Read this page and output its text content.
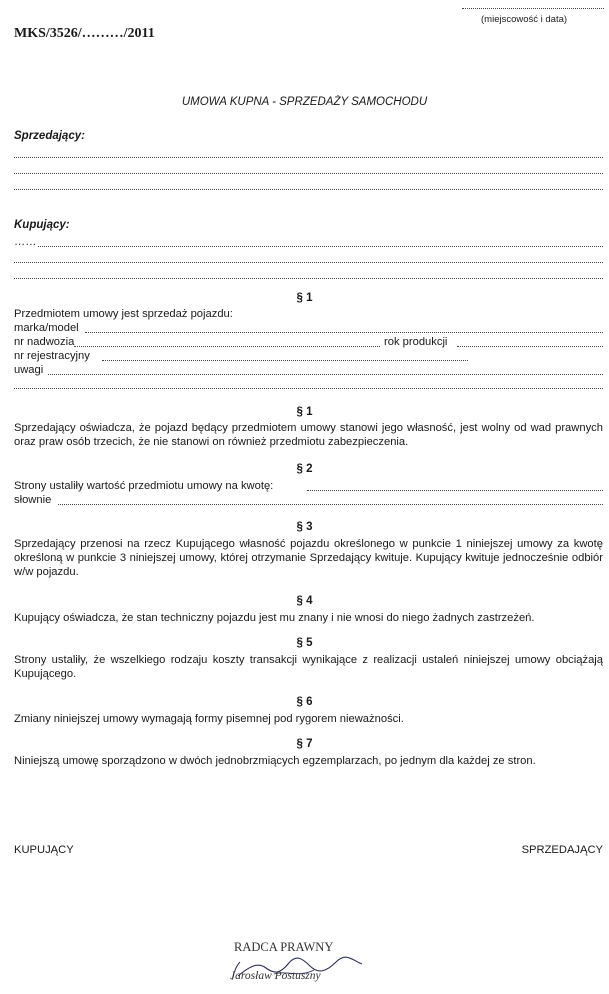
(miejscowość i data)
MKS/3526/………/2011
UMOWA KUPNA - SPRZEDAŻY SAMOCHODU
Sprzedający:
Kupujący:
……
§ 1
Przedmiotem umowy jest sprzedaż pojazdu:
marka/model
nr nadwozia	rok produkcji
nr rejestracyjny
uwagi
§ 1
Sprzedający oświadcza, że pojazd będący przedmiotem umowy stanowi jego własność, jest wolny od wad prawnych oraz praw osób trzecich, że nie stanowi on również przedmiotu zabezpieczenia.
§ 2
Strony ustaliły wartość przedmiotu umowy na kwotę:
słownie
§ 3
Sprzedający przenosi na rzecz Kupującego własność pojazdu określonego w punkcie 1 niniejszej umowy za kwotę określoną w punkcie 3 niniejszej umowy, której otrzymanie Sprzedający kwituje. Kupujący kwituje jednocześnie odbiór w/w pojazdu.
§ 4
Kupujący oświadcza, że stan techniczny pojazdu jest mu znany i nie wnosi do niego żadnych zastrzeżeń.
§ 5
Strony ustaliły, że wszelkiego rodzaju koszty transakcji wynikające z realizacji ustaleń niniejszej umowy obciążają Kupującego.
§ 6
Zmiany niniejszej umowy wymagają formy pisemnej pod rygorem nieważności.
§ 7
Niniejszą umowę sporządzono w dwóch jednobrzmiących egzemplarzach, po jednym dla każdej ze stron.
KUPUJĄCY	SPRZEDAJĄCY
RADCA PRAWNY
Jarosław Postuszny
